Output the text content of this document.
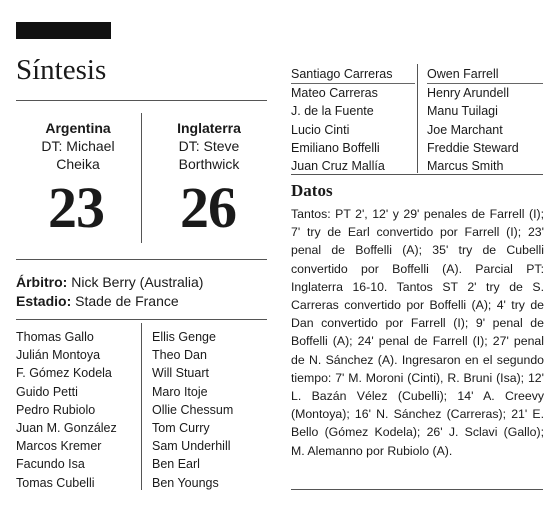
Síntesis
Argentina
DT: Michael
Cheika
Inglaterra
DT: Steve
Borthwick
23	26
Árbitro: Nick Berry (Australia)
Estadio: Stade de France
Thomas Gallo
Julián Montoya
F. Gómez Kodela
Guido Petti
Pedro Rubiolo
Juan M. González
Marcos Kremer
Facundo Isa
Tomas Cubelli
Ellis Genge
Theo Dan
Will Stuart
Maro Itoje
Ollie Chessum
Tom Curry
Sam Underhill
Ben Earl
Ben Youngs
Santiago Carreras
Mateo Carreras
J. de la Fuente
Lucio Cinti
Emiliano Boffelli
Juan Cruz Mallía
Owen Farrell
Henry Arundell
Manu Tuilagi
Joe Marchant
Freddie Steward
Marcus Smith
Datos
Tantos: PT 2', 12' y 29' penales de Farrell (I); 7' try de Earl convertido por Farrell (I); 23' penal de Boffelli (A); 35' try de Cubelli convertido por Boffelli (A). Parcial PT: Inglaterra 16-10. Tantos ST 2' try de S. Carreras convertido por Boffelli (A); 4' try de Dan convertido por Farrell (I); 9' penal de Boffelli (A); 24' penal de Farrell (I); 27' penal de N. Sánchez (A). Ingresaron en el segundo tiempo: 7' M. Moroni (Cinti), R. Bruni (Isa); 12' L. Bazán Vélez (Cubelli); 14' A. Creevy (Montoya); 16' N. Sánchez (Carreras); 21' E. Bello (Gómez Kodela); 26' J. Sclavi (Gallo); M. Alemanno por Rubiolo (A).
